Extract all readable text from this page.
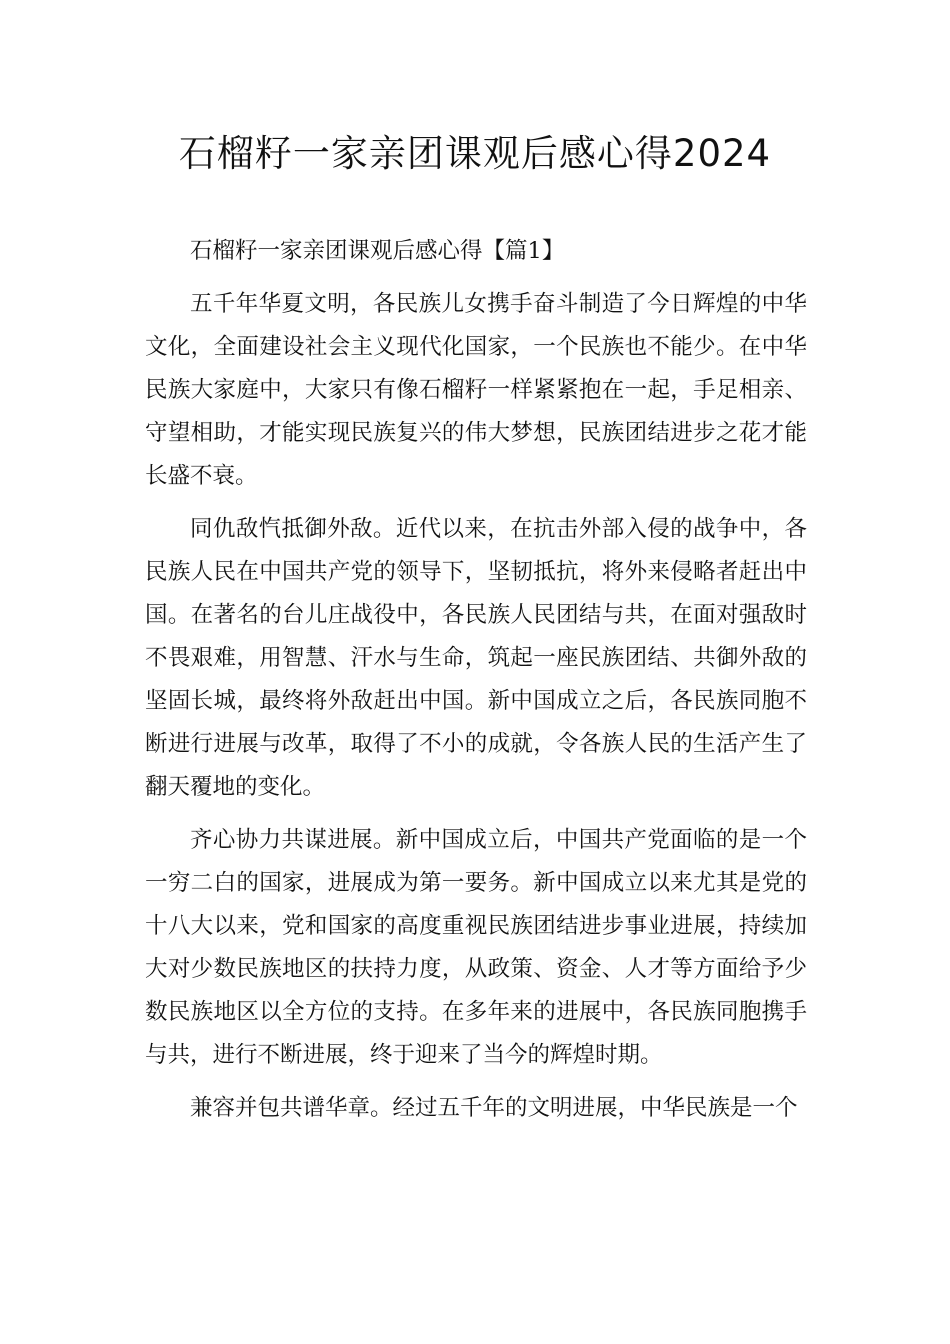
石榴籽一家亲团课观后感心得2024

石榴籽一家亲团课观后感心得【篇1】

五千年华夏文明，各民族儿女携手奋斗制造了今日辉煌的中华文化，全面建设社会主义现代化国家，一个民族也不能少。在中华民族大家庭中，大家只有像石榴籽一样紧紧抱在一起，手足相亲、守望相助，才能实现民族复兴的伟大梦想，民族团结进步之花才能长盛不衰。

同仇敌忾抵御外敌。近代以来，在抗击外部入侵的战争中，各民族人民在中国共产党的领导下，坚韧抵抗，将外来侵略者赶出中国。在著名的台儿庄战役中，各民族人民团结与共，在面对强敌时不畏艰难，用智慧、汗水与生命，筑起一座民族团结、共御外敌的坚固长城，最终将外敌赶出中国。新中国成立之后，各民族同胞不断进行进展与改革，取得了不小的成就，令各族人民的生活产生了翻天覆地的变化。

齐心协力共谋进展。新中国成立后，中国共产党面临的是一个一穷二白的国家，进展成为第一要务。新中国成立以来尤其是党的十八大以来，党和国家的高度重视民族团结进步事业进展，持续加大对少数民族地区的扶持力度，从政策、资金、人才等方面给予少数民族地区以全方位的支持。在多年来的进展中，各民族同胞携手与共，进行不断进展，终于迎来了当今的辉煌时期。

兼容并包共谱华章。经过五千年的文明进展，中华民族是一个
